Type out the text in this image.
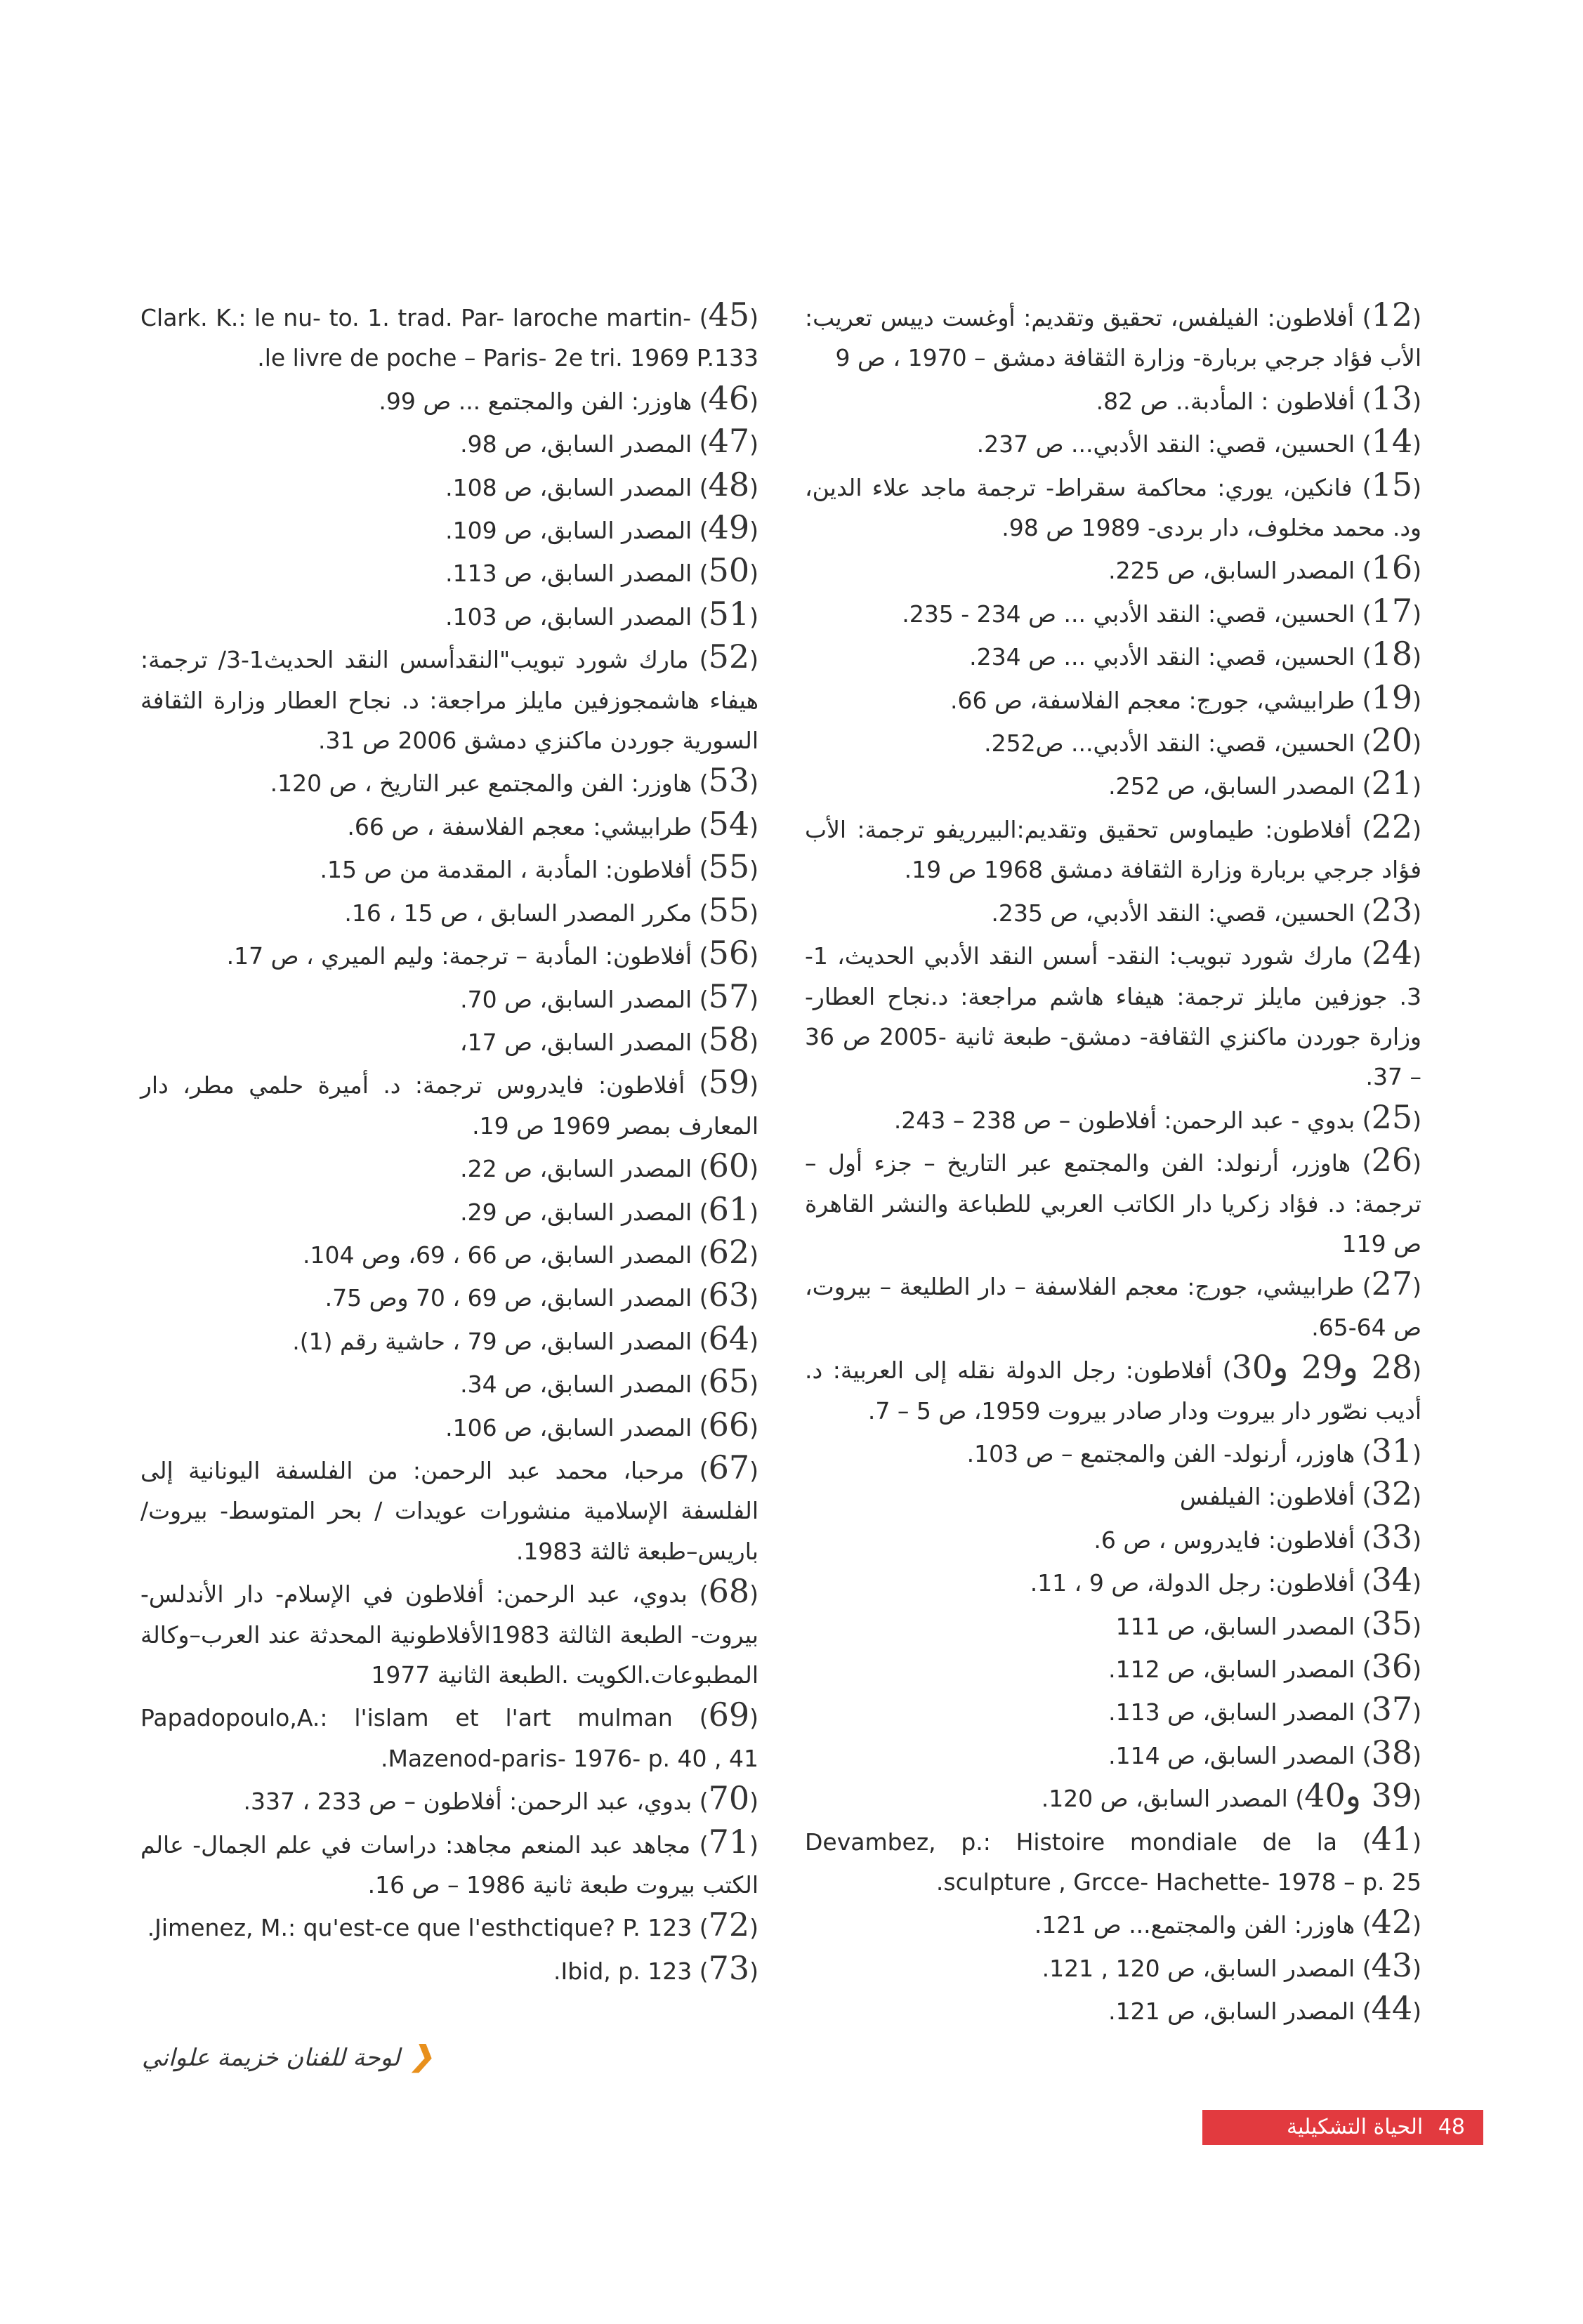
⁧(12)⁩ أفلاطون: الفيلفس، تحقيق وتقديم: أوغست دييس تعريب: الأب فؤاد جرجي بربارة- وزارة الثقافة دمشق – 1970 ، ص 9

⁧(13)⁩ أفلاطون : المأدبة.. ص 82.

⁧(14)⁩ الحسين، قصي: النقد الأدبي... ص 237.

⁧(15)⁩ فانكين، يوري: محاكمة سقراط- ترجمة ماجد علاء الدين، ود. محمد مخلوف، دار بردى- 1989 ص 98.

⁧(16)⁩ المصدر السابق، ص 225.

⁧(17)⁩ الحسين، قصي: النقد الأدبي ... ص 234 - 235.

⁧(18)⁩ الحسين، قصي: النقد الأدبي ... ص 234.

⁧(19)⁩ طرابيشي، جورج: معجم الفلاسفة، ص 66.

⁧(20)⁩ الحسين، قصي: النقد الأدبي... ص252.

⁧(21)⁩ المصدر السابق، ص 252.

⁧(22)⁩ أفلاطون: طيماوس تحقيق وتقديم:البيرريفو ترجمة: الأب فؤاد جرجي بربارة وزارة الثقافة دمشق 1968 ص 19.

⁧(23)⁩ الحسين، قصي: النقد الأدبي، ص 235.

⁧(24)⁩ مارك شورد تبويب: النقد- أسس النقد الأدبي الحديث، 1-3. جوزفين مايلز ترجمة: هيفاء هاشم مراجعة: د.نجاح العطار- وزارة جوردن ماكنزي الثقافة- دمشق- طبعة ثانية -2005 ص 36 – 37.

⁧(25)⁩ بدوي - عبد الرحمن: أفلاطون – ص 238 – 243.

⁧(26)⁩ هاوزر، أرنولد: الفن والمجتمع عبر التاريخ – جزء أول – ترجمة: د. فؤاد زكريا دار الكاتب العربي للطباعة والنشر القاهرة ص 119

⁧(27)⁩ طرابيشي، جورج: معجم الفلاسفة – دار الطليعة – بيروت، ص 64-65.

⁧(28 و29 و30)⁩ أفلاطون: رجل الدولة نقله إلى العربية: د. أديب نصّور دار بيروت ودار صادر بيروت 1959، ص 5 – 7.

⁧(31)⁩ هاوزر، أرنولد- الفن والمجتمع – ص 103.

⁧(32)⁩ أفلاطون: الفيلفس

⁧(33)⁩ أفلاطون: فايدروس ، ص 6.

⁧(34)⁩ أفلاطون: رجل الدولة، ص 9 ، 11.

⁧(35)⁩ المصدر السابق، ص 111

⁧(36)⁩ المصدر السابق، ص 112.

⁧(37)⁩ المصدر السابق، ص 113.

⁧(38)⁩ المصدر السابق، ص 114.

⁧(39 و40)⁩ المصدر السابق، ص 120.

⁧(41)⁩ Devambez, p.: Histoire mondiale de la sculpture , Grcce- Hachette- 1978 – p. 25.

⁧(42)⁩ هاوزر: الفن والمجتمع... ص 121.

⁧(43)⁩ المصدر السابق، ص 120 , 121.

⁧(44)⁩ المصدر السابق، ص 121.

⁧(45)⁩ Clark. K.: le nu- to. 1. trad. Par- laroche martin- le livre de poche – Paris- 2e tri. 1969 P.133.

⁧(46)⁩ هاوزر: الفن والمجتمع ... ص 99.

⁧(47)⁩ المصدر السابق، ص 98.

⁧(48)⁩ المصدر السابق، ص 108.

⁧(49)⁩ المصدر السابق، ص 109.

⁧(50)⁩ المصدر السابق، ص 113.

⁧(51)⁩ المصدر السابق، ص 103.

⁧(52)⁩ مارك شورد تبويب"النقدأسس النقد الحديث1-3/ ترجمة: هيفاء هاشمجوزفين مايلز مراجعة: د. نجاح العطار وزارة الثقافة السورية جوردن ماكنزي دمشق 2006 ص 31.

⁧(53)⁩ هاوزر: الفن والمجتمع عبر التاريخ ، ص 120.

⁧(54)⁩ طرابيشي: معجم الفلاسفة ، ص 66.

⁧(55)⁩ أفلاطون: المأدبة ، المقدمة من ص 15.

⁧(55)⁩ مكرر المصدر السابق ، ص 15 ، 16.

⁧(56)⁩ أفلاطون: المأدبة – ترجمة: وليم الميري ، ص 17.

⁧(57)⁩ المصدر السابق، ص 70.

⁧(58)⁩ المصدر السابق، ص 17،

⁧(59)⁩ أفلاطون: فايدروس ترجمة: د. أميرة حلمي مطر، دار المعارف بمصر 1969 ص 19.

⁧(60)⁩ المصدر السابق، ص 22.

⁧(61)⁩ المصدر السابق، ص 29.

⁧(62)⁩ المصدر السابق، ص 66 ، 69، وص 104.

⁧(63)⁩ المصدر السابق، ص 69 ، 70 وص 75.

⁧(64)⁩ المصدر السابق، ص 79 ، حاشية رقم (1).

⁧(65)⁩ المصدر السابق، ص 34.

⁧(66)⁩ المصدر السابق، ص 106.

⁧(67)⁩ مرحبا، محمد عبد الرحمن: من الفلسفة اليونانية إلى الفلسفة الإسلامية منشورات عويدات / بحر المتوسط- بيروت/باريس–طبعة ثالثة 1983.

⁧(68)⁩ بدوي، عبد الرحمن: أفلاطون في الإسلام- دار الأندلس- بيروت- الطبعة الثالثة 1983الأفلاطونية المحدثة عند العرب–وكالة المطبوعات.الكويت .الطبعة الثانية 1977

⁧(69)⁩ Papadopoulo,A.: l'islam et l'art mulman Mazenod-paris- 1976- p. 40 , 41.

⁧(70)⁩ بدوي، عبد الرحمن: أفلاطون – ص 233 ، 337.

⁧(71)⁩ مجاهد عبد المنعم مجاهد: دراسات في علم الجمال- عالم الكتب بيروت طبعة ثانية 1986 – ص 16.

⁧(72)⁩ Jimenez, M.: qu'est-ce que l'esthctique? P. 123.

⁧(73)⁩ Ibid, p. 123.

❮لوحة للفنان خزيمة علواني
48 الحياة التشكيلية
